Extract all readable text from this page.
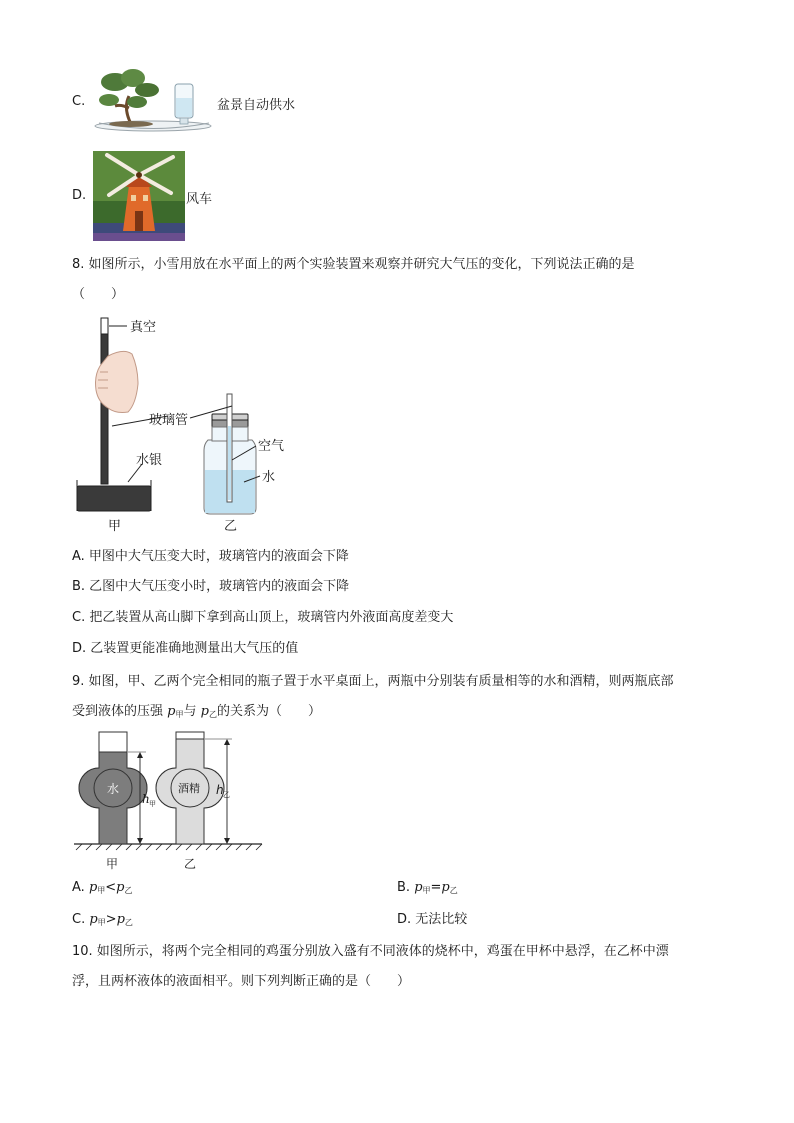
C.	盆景自动供水
D.	风车
8. 如图所示，小雪用放在水平面上的两个实验装置来观察并研究大气压的变化，下列说法正确的是
（　　）
真空
玻璃管
水银
空气
水
甲	乙
A. 甲图中大气压变大时，玻璃管内的液面会下降
B. 乙图中大气压变小时，玻璃管内的液面会下降
C. 把乙装置从高山脚下拿到高山顶上，玻璃管内外液面高度差变大
D. 乙装置更能准确地测量出大气压的值
9. 如图，甲、乙两个完全相同的瓶子置于水平桌面上，两瓶中分别装有质量相等的水和酒精，则两瓶底部
受到液体的压强 $p_甲$与 $p_乙$的关系为（　　）
水
h 甲
酒精 h 乙
甲	乙
A. $p_甲<p_乙$	B. $p_甲=p_乙$
C. $p_甲>p_乙$	D. 无法比较
10. 如图所示，将两个完全相同的鸡蛋分别放入盛有不同液体的烧杯中，鸡蛋在甲杯中悬浮，在乙杯中漂
浮，且两杯液体的液面相平。则下列判断正确的是（　　）
